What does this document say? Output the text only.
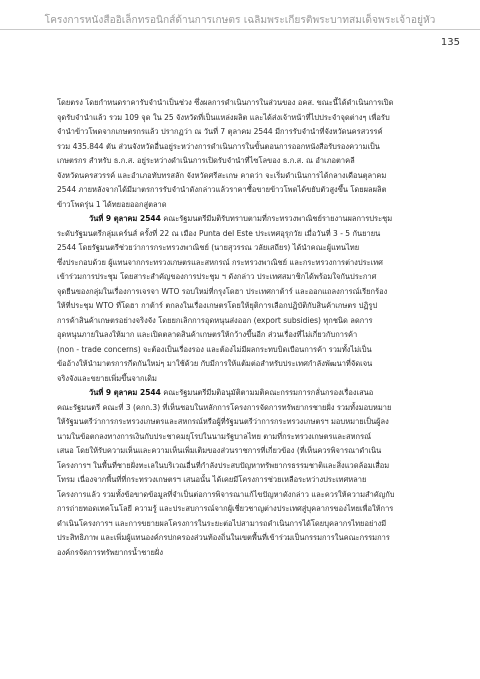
โครงการหนังสืออิเล็กทรอนิกส์ด้านการเกษตร เฉลิมพระเกียรติพระบาทสมเด็จพระเจ้าอยู่หัว
135

โดยตรง โดยกำหนดราคารับจำนำเป็นช่วง ซึ่งผลการดำเนินการในส่วนของ อคส. ขณะนี้ได้ดำเนินการเปิด
จุดรับจำนำแล้ว รวม 109 จุด ใน 25 จังหวัดที่เป็นแหล่งผลิต และได้ส่งเจ้าหน้าที่ไปประจำจุดต่างๆ เพื่อรับ
จำนำข้าวโพดจากเกษตรกรแล้ว ปรากฏว่า ณ วันที่ 7 ตุลาคม 2544 มีการรับจำนำที่จังหวัดนครสวรรค์
รวม 435.844 ตัน ส่วนจังหวัดอื่นอยู่ระหว่างการดำเนินการในขั้นตอนการออกหนังสือรับรองความเป็น
เกษตรกร สำหรับ ธ.ก.ส. อยู่ระหว่างดำเนินการเปิดรับจำนำที่ไซโลของ ธ.ก.ส. ณ อำเภอตาคลี
จังหวัดนครสวรรค์ และอำเภอทับทรสลัก จังหวัดศรีสะเกษ คาดว่า จะเริ่มดำเนินการได้กลางเดือนตุลาคม
2544 ภายหลังจากได้มีมาตรการรับจำนำดังกล่าวแล้วราคาซื้อขายข้าวโพดได้ขยับตัวสูงขึ้น โดยผลผลิต
ข้าวโพดรุ่น 1 ได้ทยอยออกสู่ตลาด

วันที่ 9 ตุลาคม 2544 คณะรัฐมนตรีมีมติรับทราบตามที่กระทรวงพาณิชย์รายงานผลการประชุม
ระดับรัฐมนตรีกลุ่มเคร์นส์ ครั้งที่ 22 ณ เมือง Punta del Este ประเทศอุรุกวัย เมื่อวันที่ 3 - 5 กันยายน
2544 โดยรัฐมนตรีช่วยว่าการกระทรวงพาณิชย์ (นายสุวรรณ วลัยเสถียร) ได้นำคณะผู้แทนไทย
ซึ่งประกอบด้วย ผู้แทนจากกระทรวงเกษตรและสหกรณ์ กระทรวงพาณิชย์ และกระทรวงการต่างประเทศ
เข้าร่วมการประชุม โดยสาระสำคัญของการประชุม ฯ ดังกล่าว ประเทศสมาชิกได้พร้อมใจกันประกาศ
จุดยืนของกลุ่มในเรื่องการเจรจา WTO รอบใหม่ที่กรุงโดฮา ประเทศกาต้าร์ และออกแถลงการณ์เรียกร้อง
ให้ที่ประชุม WTO ที่โดฮา กาต้าร์ ตกลงในเรื่องเกษตรโดยให้ยุติการเลือกปฏิบัติกับสินค้าเกษตร ปฏิรูป
การค้าสินค้าเกษตรอย่างจริงจัง โดยยกเลิกการอุดหนุนส่งออก (export subsidies) ทุกชนิด ลดการ
อุดหนุนภายในลงให้มาก และเปิดตลาดสินค้าเกษตรให้กว้างขึ้นอีก ส่วนเรื่องที่ไม่เกี่ยวกับการค้า
(non - trade concerns) จะต้องเป็นเรื่องรอง และต้องไม่มีผลกระทบบิดเบือนการค้า รวมทั้งไม่เป็น
ข้ออ้างให้นำมาตรการกีดกันใหม่ๆ มาใช้ด้วย กับมีการให้แต้มต่อสำหรับประเทศกำลังพัฒนาที่จัดเจน
จริงจังและขยายเพิ่มขึ้นจากเดิม

วันที่ 9 ตุลาคม 2544 คณะรัฐมนตรีมีมติอนุมัติตามมติคณะกรรมการกลั่นกรองเรื่องเสนอ
คณะรัฐมนตรี คณะที่ 3 (คกก.3) ที่เห็นชอบในหลักการโครงการจัดการทรัพยากรชายฝั่ง รวมทั้งมอบหมาย
ให้รัฐมนตรีว่าการกระทรวงเกษตรและสหกรณ์หรือผู้ที่รัฐมนตรีว่าการกระทรวงเกษตรฯ มอบหมายเป็นผู้ลง
นามในข้อตกลงทางการเงินกับประชาคมยุโรปในนามรัฐบาลไทย ตามที่กระทรวงเกษตรและสหกรณ์
เสนอ โดยให้รับความเห็นและความเห็นเพิ่มเติมของส่วนราชการที่เกี่ยวข้อง (ที่เห็นควรพิจารณาดำเนิน
โครงการฯ ในพื้นที่ชายฝั่งทะเลในบริเวณอื่นที่กำลังประสบปัญหาทรัพยากรธรรมชาติและสิ่งแวดล้อมเสื่อม
โทรม เนื่องจากพื้นที่ที่กระทรวงเกษตรฯ เสนอนั้น ได้เคยมีโครงการช่วยเหลือระหว่างประเทศหลาย
โครงการแล้ว รวมทั้งข้อขาดข้อมูลที่จำเป็นต่อการพิจารณาแก้ไขปัญหาดังกล่าว และควรให้ความสำคัญกับ
การถ่ายทอดเทคโนโลยี ความรู้ และประสบการณ์จากผู้เชี่ยวชาญต่างประเทศสู่บุคลากรของไทยเพื่อให้การ
ดำเนินโครงการฯ และการขยายผลโครงการในระยะต่อไปสามารถดำเนินการได้โดยบุคลากรไทยอย่างมี
ประสิทธิภาพ และเพิ่มผู้แทนองค์กรปกครองส่วนท้องถิ่นในเขตพื้นที่เข้าร่วมเป็นกรรมการในคณะกรรมการ
องค์กรจัดการทรัพยากรน้ำชายฝั่ง
